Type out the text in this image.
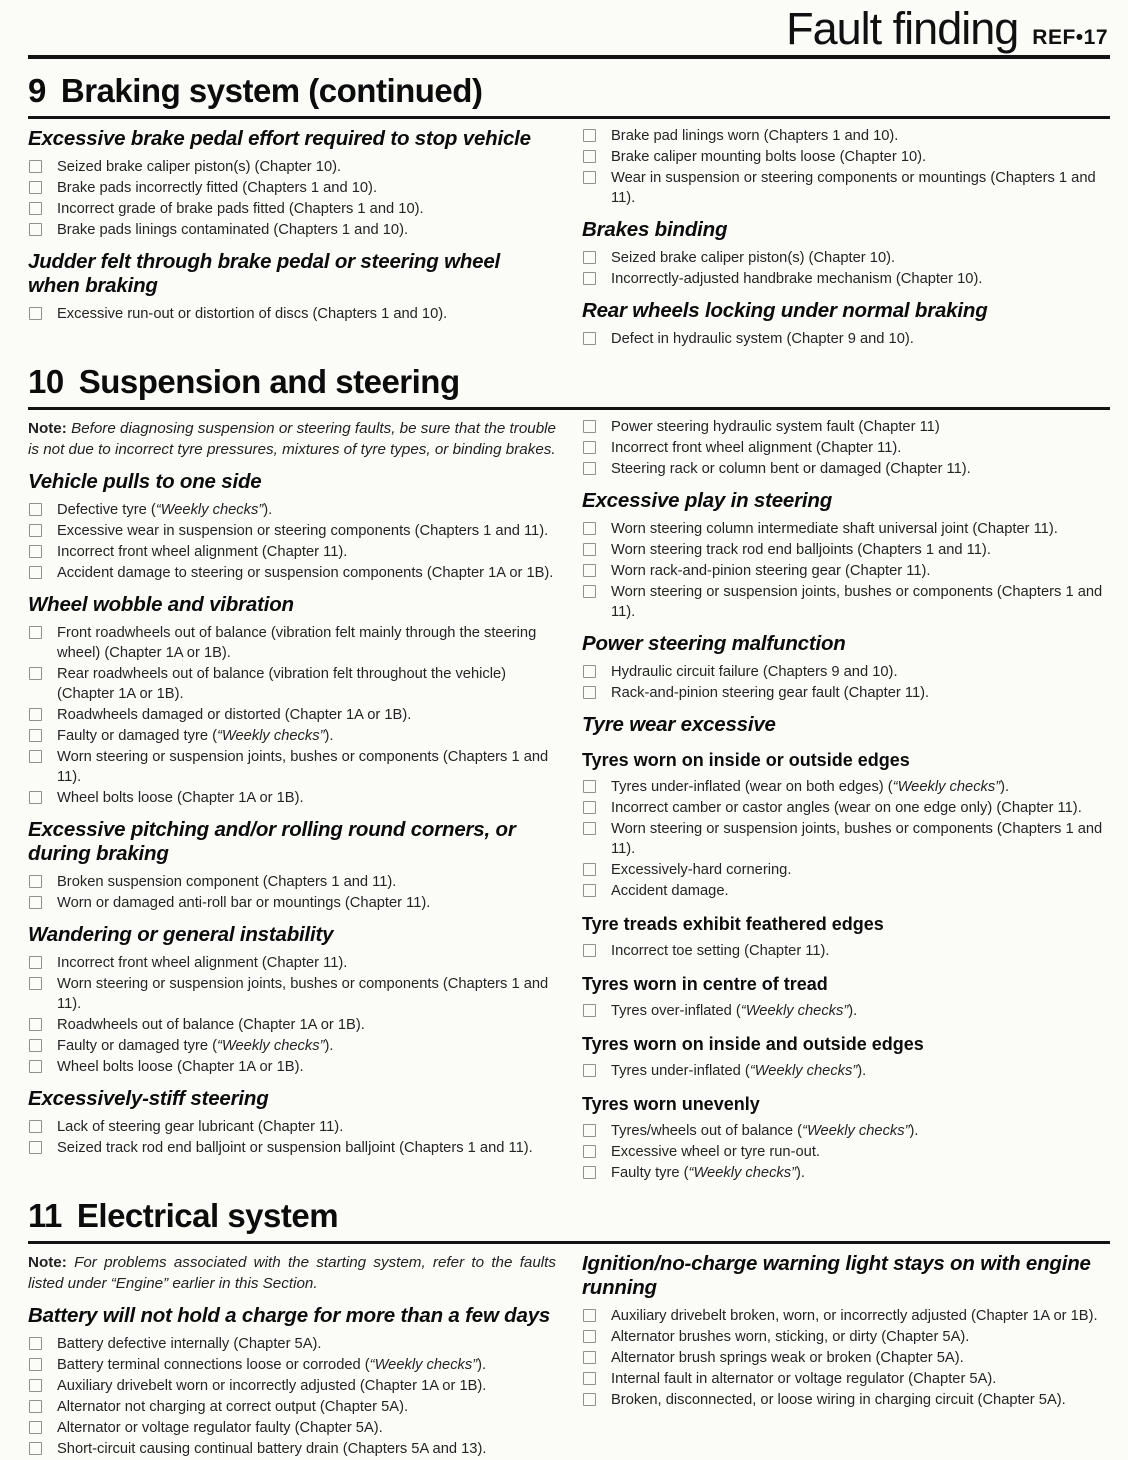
Fault finding REF•17
9 Braking system (continued)
Excessive brake pedal effort required to stop vehicle
Seized brake caliper piston(s) (Chapter 10).
Brake pads incorrectly fitted (Chapters 1 and 10).
Incorrect grade of brake pads fitted (Chapters 1 and 10).
Brake pads linings contaminated (Chapters 1 and 10).
Judder felt through brake pedal or steering wheel when braking
Excessive run-out or distortion of discs (Chapters 1 and 10).
Brake pad linings worn (Chapters 1 and 10).
Brake caliper mounting bolts loose (Chapter 10).
Wear in suspension or steering components or mountings (Chapters 1 and 11).
Brakes binding
Seized brake caliper piston(s) (Chapter 10).
Incorrectly-adjusted handbrake mechanism (Chapter 10).
Rear wheels locking under normal braking
Defect in hydraulic system (Chapter 9 and 10).
10 Suspension and steering

Note: Before diagnosing suspension or steering faults, be sure that the trouble is not due to incorrect tyre pressures, mixtures of tyre types, or binding brakes.

Vehicle pulls to one side
Defective tyre (“Weekly checks”).
Excessive wear in suspension or steering components (Chapters 1 and 11).
Incorrect front wheel alignment (Chapter 11).
Accident damage to steering or suspension components (Chapter 1A or 1B).
Wheel wobble and vibration
Front roadwheels out of balance (vibration felt mainly through the steering wheel) (Chapter 1A or 1B).
Rear roadwheels out of balance (vibration felt throughout the vehicle) (Chapter 1A or 1B).
Roadwheels damaged or distorted (Chapter 1A or 1B).
Faulty or damaged tyre (“Weekly checks”).
Worn steering or suspension joints, bushes or components (Chapters 1 and 11).
Wheel bolts loose (Chapter 1A or 1B).
Excessive pitching and/or rolling round corners, or during braking
Broken suspension component (Chapters 1 and 11).
Worn or damaged anti-roll bar or mountings (Chapter 11).
Wandering or general instability
Incorrect front wheel alignment (Chapter 11).
Worn steering or suspension joints, bushes or components (Chapters 1 and 11).
Roadwheels out of balance (Chapter 1A or 1B).
Faulty or damaged tyre (“Weekly checks”).
Wheel bolts loose (Chapter 1A or 1B).
Excessively-stiff steering
Lack of steering gear lubricant (Chapter 11).
Seized track rod end balljoint or suspension balljoint (Chapters 1 and 11).
Power steering hydraulic system fault (Chapter 11)
Incorrect front wheel alignment (Chapter 11).
Steering rack or column bent or damaged (Chapter 11).
Excessive play in steering
Worn steering column intermediate shaft universal joint (Chapter 11).
Worn steering track rod end balljoints (Chapters 1 and 11).
Worn rack-and-pinion steering gear (Chapter 11).
Worn steering or suspension joints, bushes or components (Chapters 1 and 11).
Power steering malfunction
Hydraulic circuit failure (Chapters 9 and 10).
Rack-and-pinion steering gear fault (Chapter 11).
Tyre wear excessive
Tyres worn on inside or outside edges
Tyres under-inflated (wear on both edges) (“Weekly checks”).
Incorrect camber or castor angles (wear on one edge only) (Chapter 11).
Worn steering or suspension joints, bushes or components (Chapters 1 and 11).
Excessively-hard cornering.
Accident damage.
Tyre treads exhibit feathered edges
Incorrect toe setting (Chapter 11).
Tyres worn in centre of tread
Tyres over-inflated (“Weekly checks”).
Tyres worn on inside and outside edges
Tyres under-inflated (“Weekly checks”).
Tyres worn unevenly
Tyres/wheels out of balance (“Weekly checks”).
Excessive wheel or tyre run-out.
Faulty tyre (“Weekly checks”).
11 Electrical system

Note: For problems associated with the starting system, refer to the faults listed under “Engine” earlier in this Section.

Battery will not hold a charge for more than a few days
Battery defective internally (Chapter 5A).
Battery terminal connections loose or corroded (“Weekly checks”).
Auxiliary drivebelt worn or incorrectly adjusted (Chapter 1A or 1B).
Alternator not charging at correct output (Chapter 5A).
Alternator or voltage regulator faulty (Chapter 5A).
Short-circuit causing continual battery drain (Chapters 5A and 13).
Ignition/no-charge warning light stays on with engine running
Auxiliary drivebelt broken, worn, or incorrectly adjusted (Chapter 1A or 1B).
Alternator brushes worn, sticking, or dirty (Chapter 5A).
Alternator brush springs weak or broken (Chapter 5A).
Internal fault in alternator or voltage regulator (Chapter 5A).
Broken, disconnected, or loose wiring in charging circuit (Chapter 5A).
